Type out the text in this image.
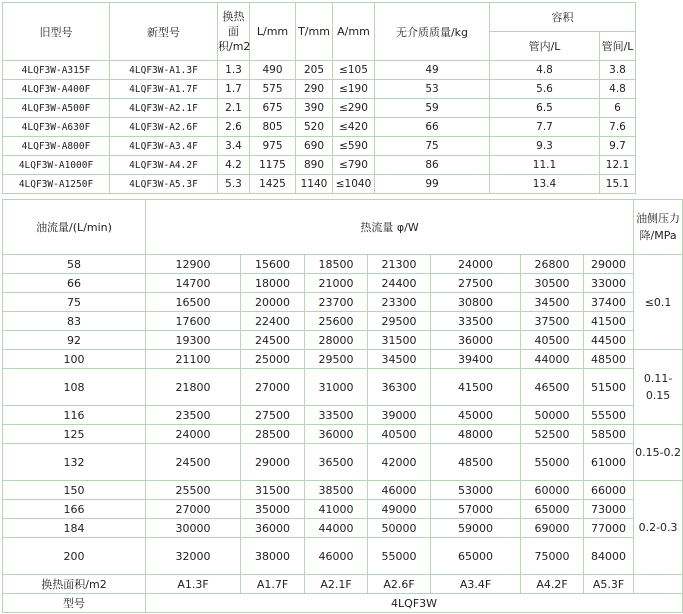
旧型号	新型号	换热面积/m2	L/mm	T/mm	A/mm	无介质质量/kg	容积	
							管内/L	管间/L
4LQF3W-A315F	4LQF3W-A1.3F	1.3	490	205	≤105	49	4.8	3.8
4LQF3W-A400F	4LQF3W-A1.7F	1.7	575	290	≤190	53	5.6	4.8
4LQF3W-A500F	4LQF3W-A2.1F	2.1	675	390	≤290	59	6.5	6
4LQF3W-A630F	4LQF3W-A2.6F	2.6	805	520	≤420	66	7.7	7.6
4LQF3W-A800F	4LQF3W-A3.4F	3.4	975	690	≤590	75	9.3	9.7
4LQF3W-A1000F	4LQF3W-A4.2F	4.2	1175	890	≤790	86	11.1	12.1
4LQF3W-A1250F	4LQF3W-A5.3F	5.3	1425	1140	≤1040	99	13.4	15.1
油流量/(L/min)	热流量 φ/W							油侧压力降/MPa
58	12900	15600	18500	21300	24000	26800	29000	≤0.1
66	14700	18000	21000	24400	27500	30500	33000	
75	16500	20000	23700	23300	30800	34500	37400	
83	17600	22400	25600	29500	33500	37500	41500	
92	19300	24500	28000	31500	36000	40500	44500	
100	21100	25000	29500	34500	39400	44000	48500	0.11-0.15
108	21800	27000	31000	36300	41500	46500	51500	
116	23500	27500	33500	39000	45000	50000	55500	
125	24000	28500	36000	40500	48000	52500	58500	0.15-0.2
132	24500	29000	36500	42000	48500	55000	61000	
150	25500	31500	38500	46000	53000	60000	66000	0.2-0.3
166	27000	35000	41000	49000	57000	65000	73000	
184	30000	36000	44000	50000	59000	69000	77000	
200	32000	38000	46000	55000	65000	75000	84000	
换热面积/m2	A1.3F	A1.7F	A2.1F	A2.6F	A3.4F	A4.2F	A5.3F	
型号	4LQF3W							
